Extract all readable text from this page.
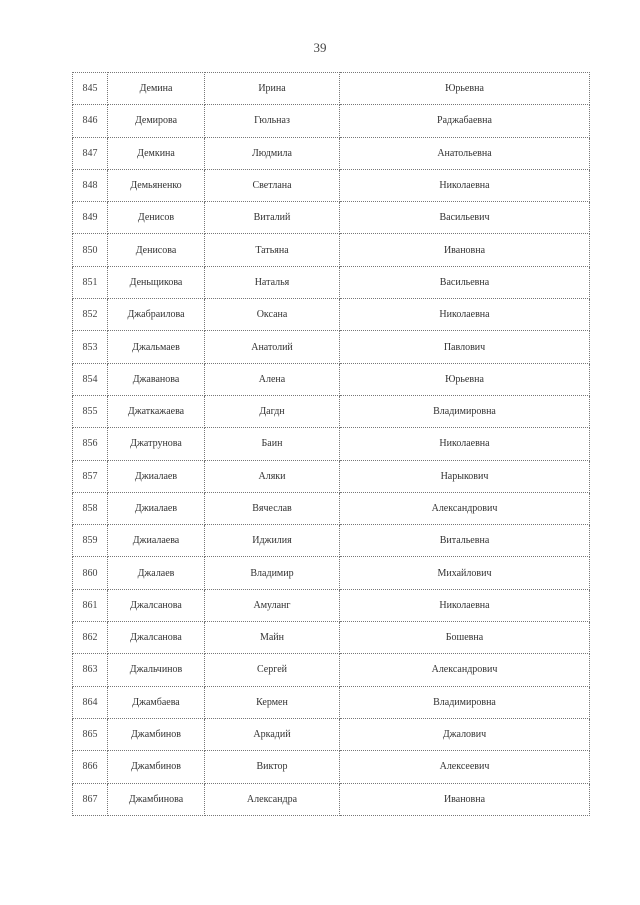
39
845	Демина	Ирина	Юрьевна
846	Демирова	Гюльназ	Раджабаевна
847	Демкина	Людмила	Анатольевна
848	Демьяненко	Светлана	Николаевна
849	Денисов	Виталий	Васильевич
850	Денисова	Татьяна	Ивановна
851	Деньщикова	Наталья	Васильевна
852	Джабраилова	Оксана	Николаевна
853	Джальмаев	Анатолий	Павлович
854	Джаванова	Алена	Юрьевна
855	Джаткажаева	Дагдн	Владимировна
856	Джатрунова	Баин	Николаевна
857	Джиалаев	Аляки	Нарыкович
858	Джиалаев	Вячеслав	Александрович
859	Джиалаева	Иджилия	Витальевна
860	Джалаев	Владимир	Михайлович
861	Джалсанова	Амуланг	Николаевна
862	Джалсанова	Майн	Бошевна
863	Джальчинов	Сергей	Александрович
864	Джамбаева	Кермен	Владимировна
865	Джамбинов	Аркадий	Джалович
866	Джамбинов	Виктор	Алексеевич
867	Джамбинова	Александра	Ивановна
